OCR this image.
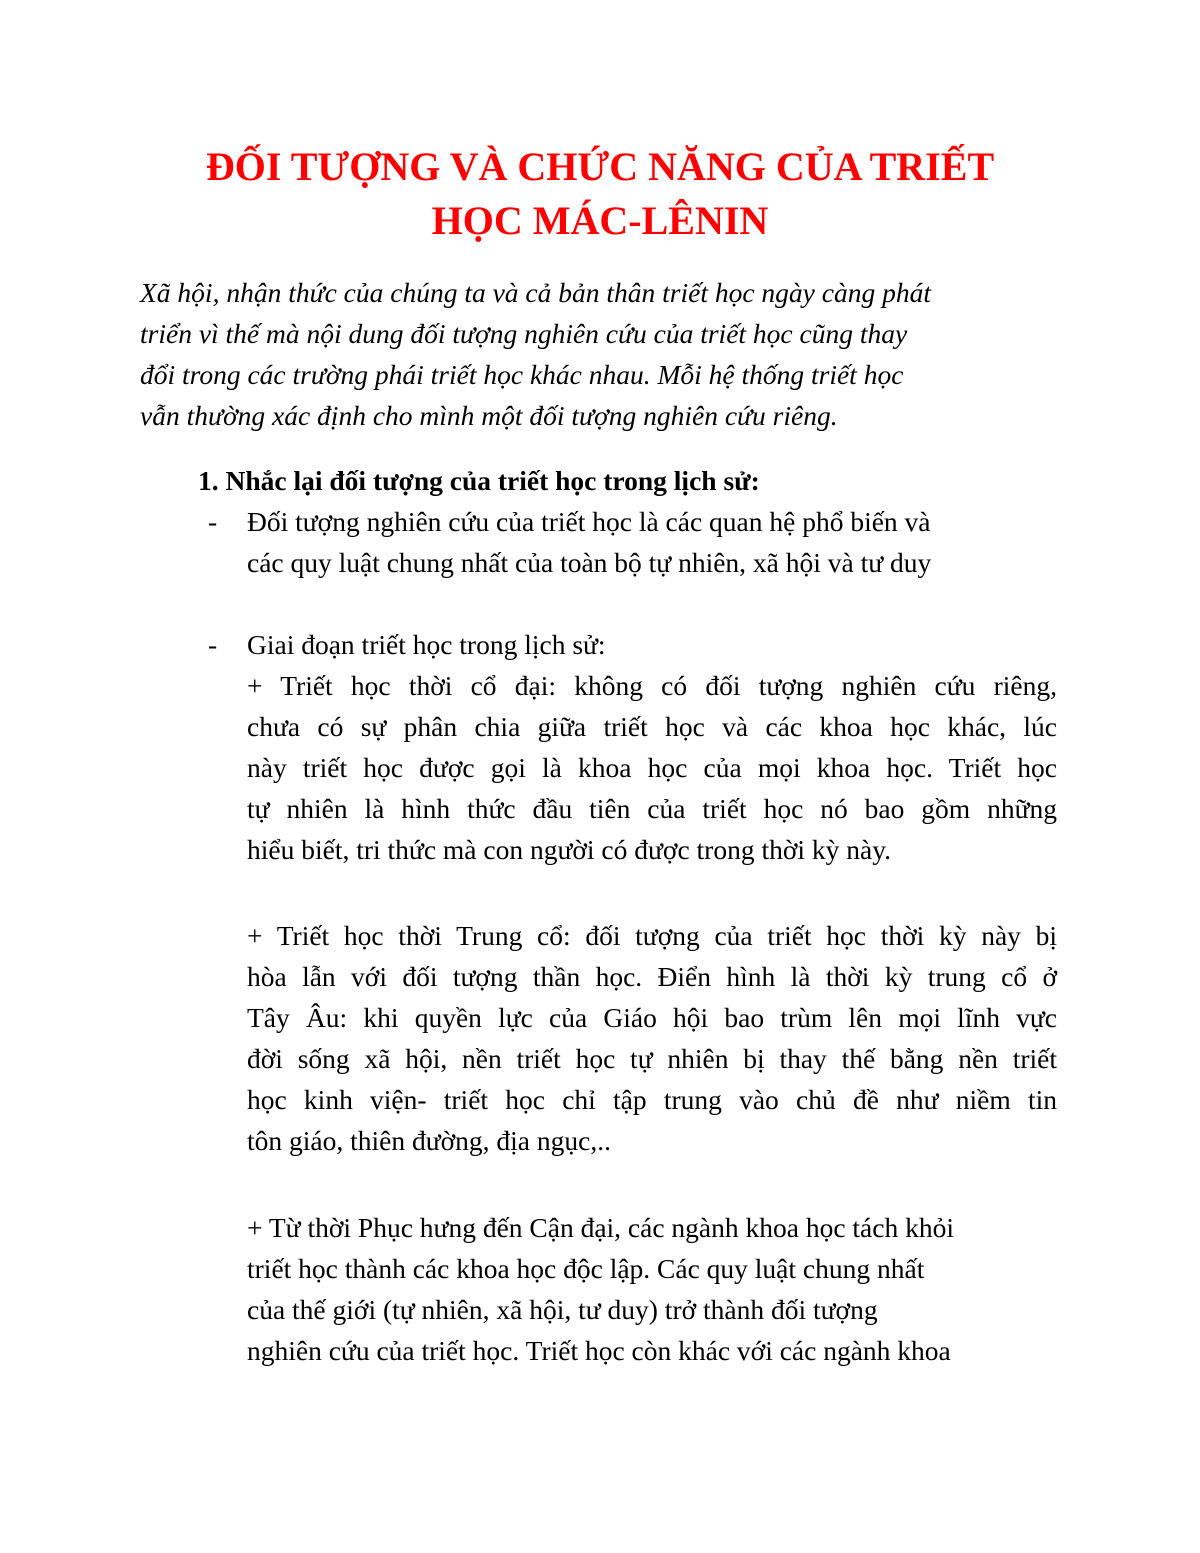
ĐỐI TƯỢNG VÀ CHỨC NĂNG CỦA TRIẾT
HỌC MÁC-LÊNIN

Xã hội, nhận thức của chúng ta và cả bản thân triết học ngày càng phát
triển vì thế mà nội dung đối tượng nghiên cứu của triết học cũng thay
đổi trong các trường phái triết học khác nhau. Mỗi hệ thống triết học
vẫn thường xác định cho mình một đối tượng nghiên cứu riêng.

1. Nhắc lại đối tượng của triết học trong lịch sử:

- Đối tượng nghiên cứu của triết học là các quan hệ phổ biến và
các quy luật chung nhất của toàn bộ tự nhiên, xã hội và tư duy

- Giai đoạn triết học trong lịch sử:

+ Triết học thời cổ đại: không có đối tượng nghiên cứu riêng,
chưa có sự phân chia giữa triết học và các khoa học khác, lúc
này triết học được gọi là khoa học của mọi khoa học. Triết học
tự nhiên là hình thức đầu tiên của triết học nó bao gồm những
hiểu biết, tri thức mà con người có được trong thời kỳ này.

+ Triết học thời Trung cổ: đối tượng của triết học thời kỳ này bị
hòa lẫn với đối tượng thần học. Điển hình là thời kỳ trung cổ ở
Tây Âu: khi quyền lực của Giáo hội bao trùm lên mọi lĩnh vực
đời sống xã hội, nền triết học tự nhiên bị thay thế bằng nền triết
học kinh viện- triết học chỉ tập trung vào chủ đề như niềm tin
tôn giáo, thiên đường, địa ngục,..

+ Từ thời Phục hưng đến Cận đại, các ngành khoa học tách khỏi
triết học thành các khoa học độc lập. Các quy luật chung nhất
của thế giới (tự nhiên, xã hội, tư duy) trở thành đối tượng
nghiên cứu của triết học. Triết học còn khác với các ngành khoa
